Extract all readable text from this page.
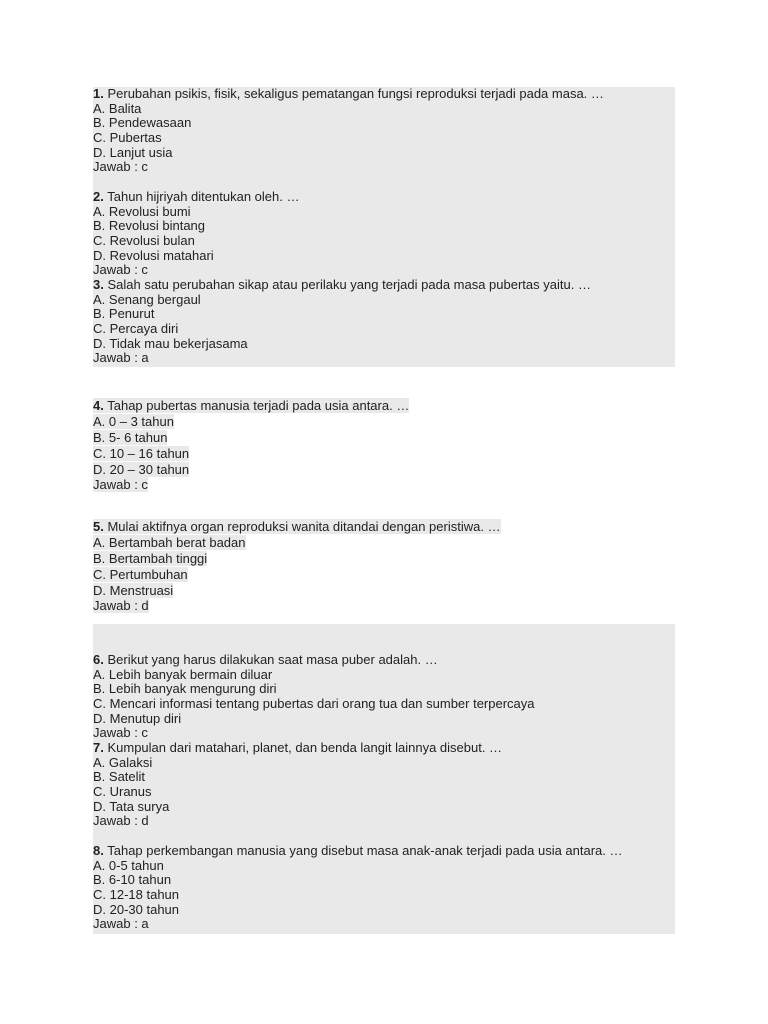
1. Perubahan psikis, fisik, sekaligus pematangan fungsi reproduksi terjadi pada masa. …
A. Balita
B. Pendewasaan
C. Pubertas
D. Lanjut usia
Jawab : c
2. Tahun hijriyah ditentukan oleh. …
A. Revolusi bumi
B. Revolusi bintang
C. Revolusi bulan
D. Revolusi matahari
Jawab : c
3. Salah satu perubahan sikap atau perilaku yang terjadi pada masa pubertas yaitu. …
A. Senang bergaul
B. Penurut
C. Percaya diri
D. Tidak mau bekerjasama
Jawab : a
4. Tahap pubertas manusia terjadi pada usia antara. …
A. 0 – 3 tahun
B. 5- 6 tahun
C. 10 – 16 tahun
D. 20 – 30 tahun
Jawab : c
5. Mulai aktifnya organ reproduksi wanita ditandai dengan peristiwa. …
A. Bertambah berat badan
B. Bertambah tinggi
C. Pertumbuhan
D. Menstruasi
Jawab : d
6. Berikut yang harus dilakukan saat masa puber adalah. …
A. Lebih banyak bermain diluar
B. Lebih banyak mengurung diri
C. Mencari informasi tentang pubertas dari orang tua dan sumber terpercaya
D. Menutup diri
Jawab : c
7. Kumpulan dari matahari, planet, dan benda langit lainnya disebut. …
A. Galaksi
B. Satelit
C. Uranus
D. Tata surya
Jawab : d
8. Tahap perkembangan manusia yang disebut masa anak-anak terjadi pada usia antara. …
A. 0-5 tahun
B. 6-10 tahun
C. 12-18 tahun
D. 20-30 tahun
Jawab : a
